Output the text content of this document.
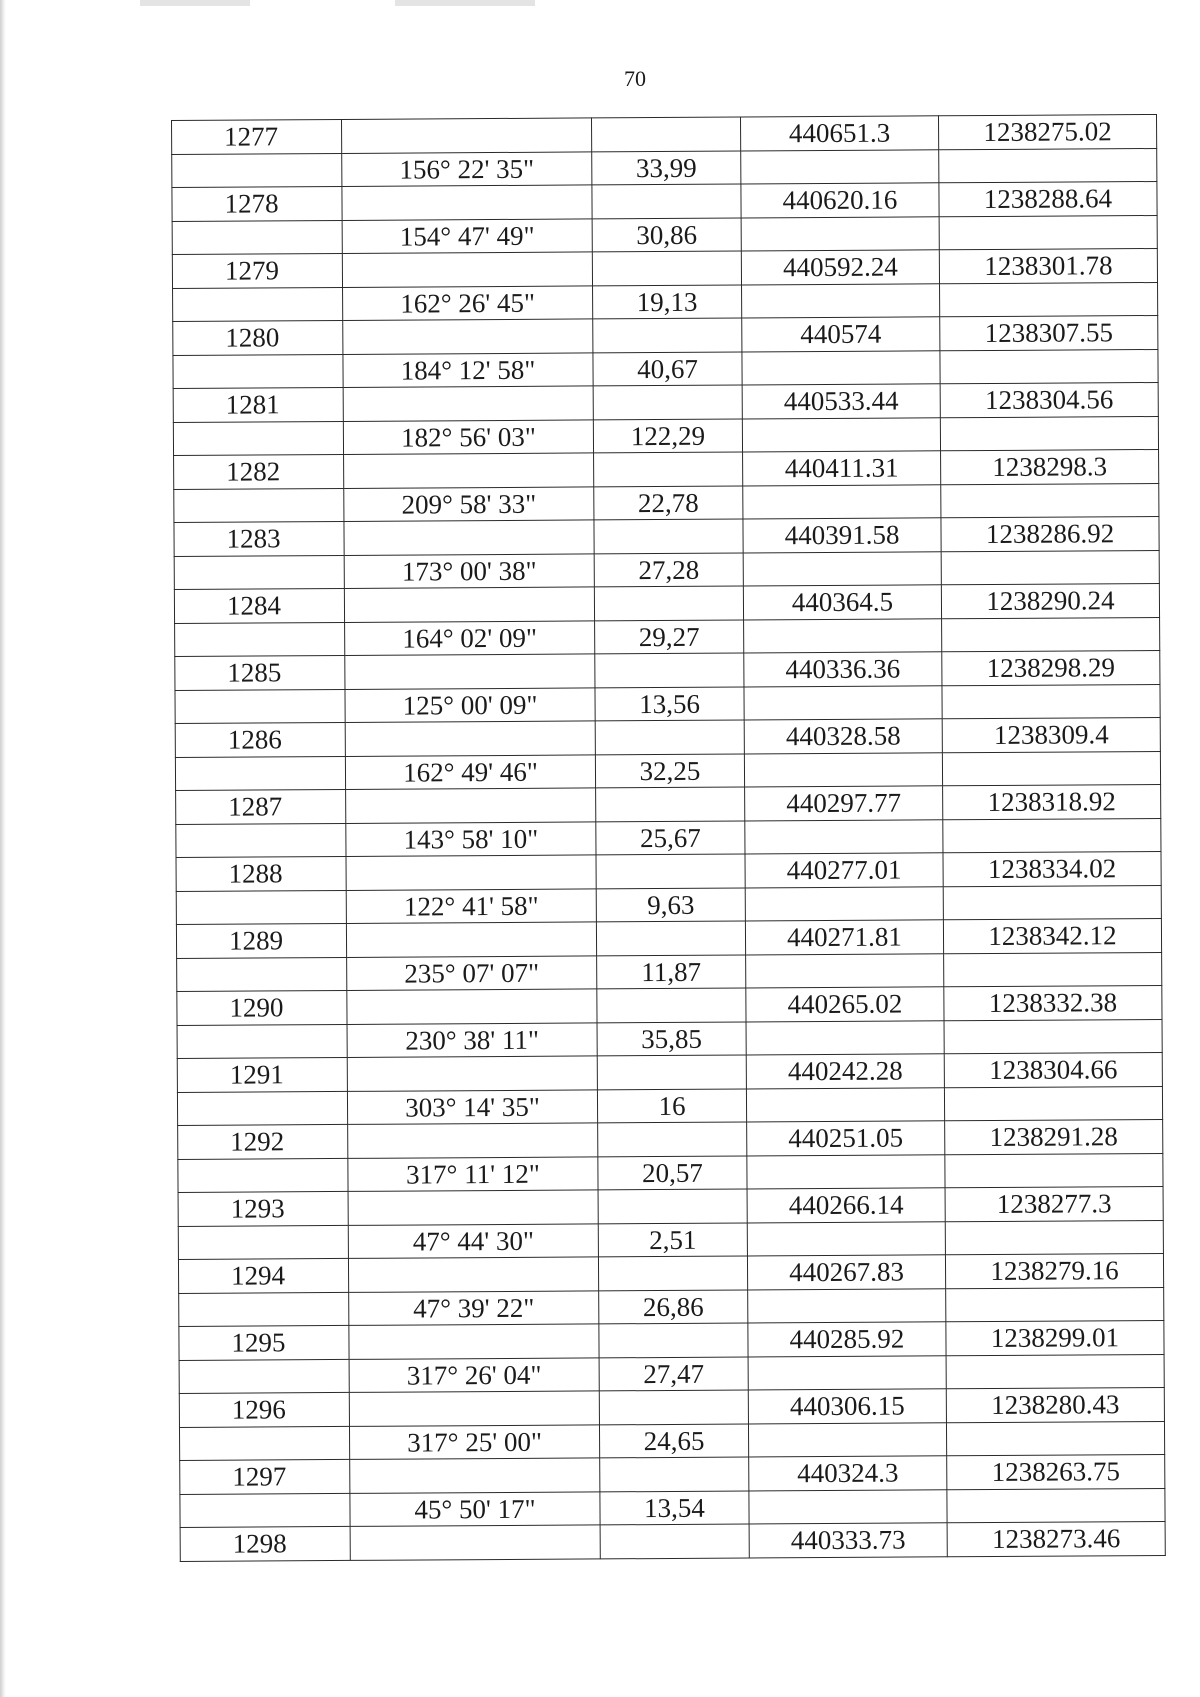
70
1277			440651.3	1238275.02
	156° 22' 35"	33,99		
1278			440620.16	1238288.64
	154° 47' 49"	30,86		
1279			440592.24	1238301.78
	162° 26' 45"	19,13		
1280			440574	1238307.55
	184° 12' 58"	40,67		
1281			440533.44	1238304.56
	182° 56' 03"	122,29		
1282			440411.31	1238298.3
	209° 58' 33"	22,78		
1283			440391.58	1238286.92
	173° 00' 38"	27,28		
1284			440364.5	1238290.24
	164° 02' 09"	29,27		
1285			440336.36	1238298.29
	125° 00' 09"	13,56		
1286			440328.58	1238309.4
	162° 49' 46"	32,25		
1287			440297.77	1238318.92
	143° 58' 10"	25,67		
1288			440277.01	1238334.02
	122° 41' 58"	9,63		
1289			440271.81	1238342.12
	235° 07' 07"	11,87		
1290			440265.02	1238332.38
	230° 38' 11"	35,85		
1291			440242.28	1238304.66
	303° 14' 35"	16		
1292			440251.05	1238291.28
	317° 11' 12"	20,57		
1293			440266.14	1238277.3
	47° 44' 30"	2,51		
1294			440267.83	1238279.16
	47° 39' 22"	26,86		
1295			440285.92	1238299.01
	317° 26' 04"	27,47		
1296			440306.15	1238280.43
	317° 25' 00"	24,65		
1297			440324.3	1238263.75
	45° 50' 17"	13,54		
1298			440333.73	1238273.46
